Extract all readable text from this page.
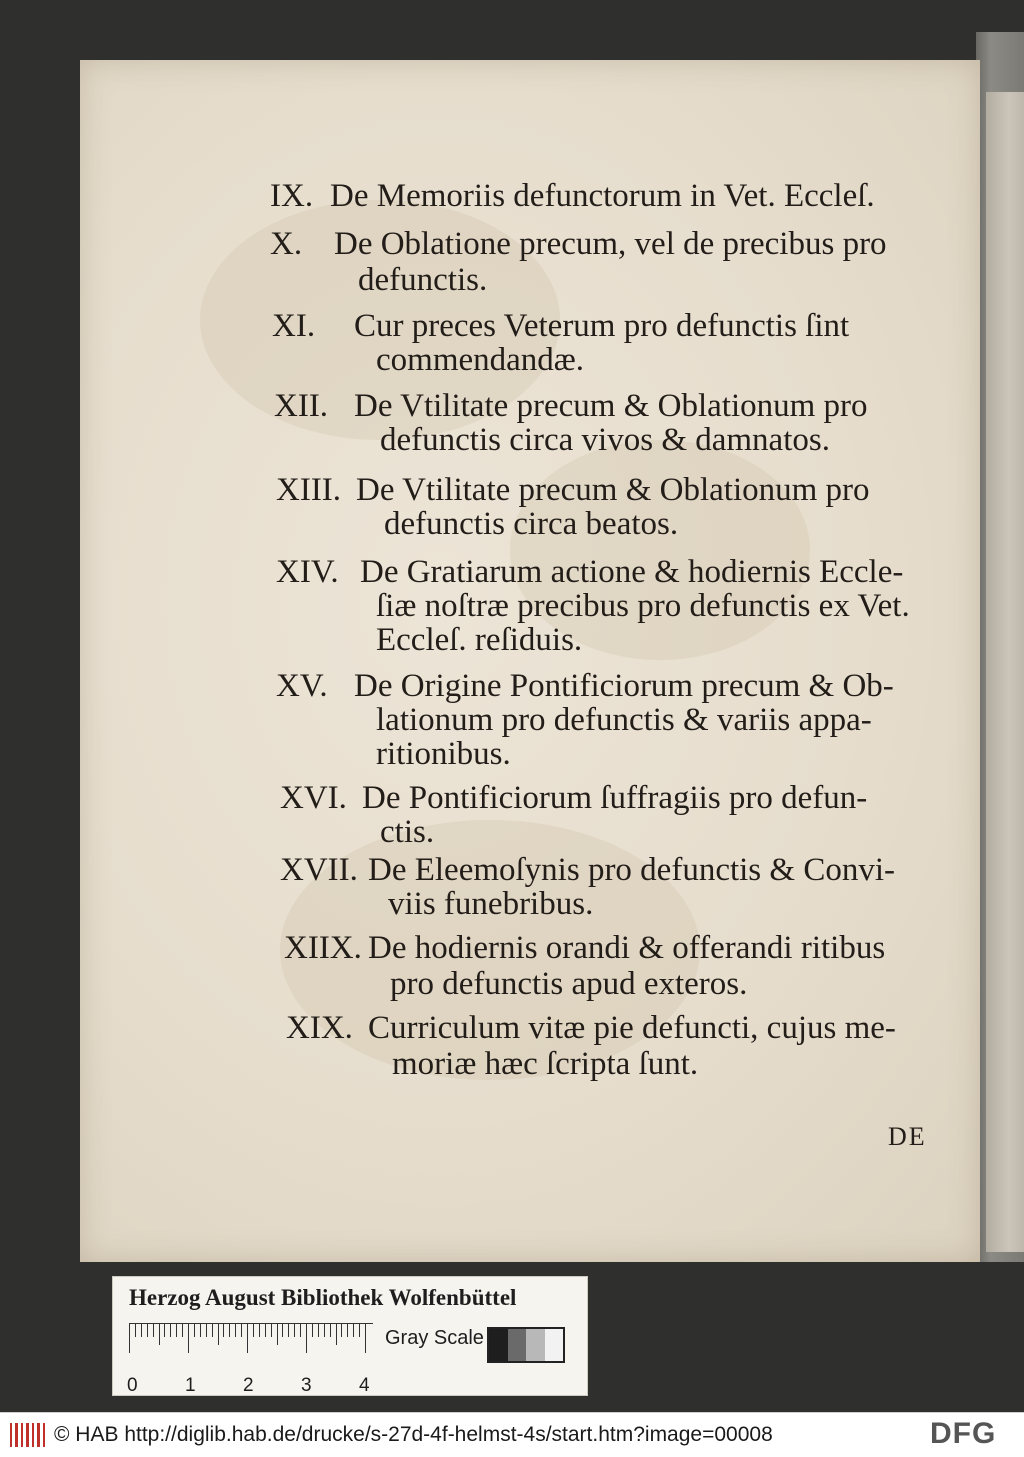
IX. De Memoriis defunctorum in Vet. Eccleſ.
X. De Oblatione precum, vel de precibus pro
defunctis.
XI. Cur preces Veterum pro defunctis ſint
commendandæ.
XII. De Vtilitate precum & Oblationum pro
defunctis circa vivos & damnatos.
XIII. De Vtilitate precum & Oblationum pro
defunctis circa beatos.
XIV. De Gratiarum actione & hodiernis Eccle-
ſiæ noſtræ precibus pro defunctis ex Vet.
Eccleſ. reſiduis.
XV. De Origine Pontificiorum precum & Ob-
lationum pro defunctis & variis appa-
ritionibus.
XVI. De Pontificiorum ſuffragiis pro defun-
ctis.
XVII. De Eleemoſynis pro defunctis & Convi-
viis funebribus.
XIIX. De hodiernis orandi & offerandi ritibus
pro defunctis apud exteros.
XIX. Curriculum vitæ pie defuncti, cujus me-
moriæ hæc ſcripta ſunt.
DE
Herzog August Bibliothek Wolfenbüttel
0 1 2 3 4
Gray Scale
© HAB http://diglib.hab.de/drucke/s-27d-4f-helmst-4s/start.htm?image=00008	DFG
